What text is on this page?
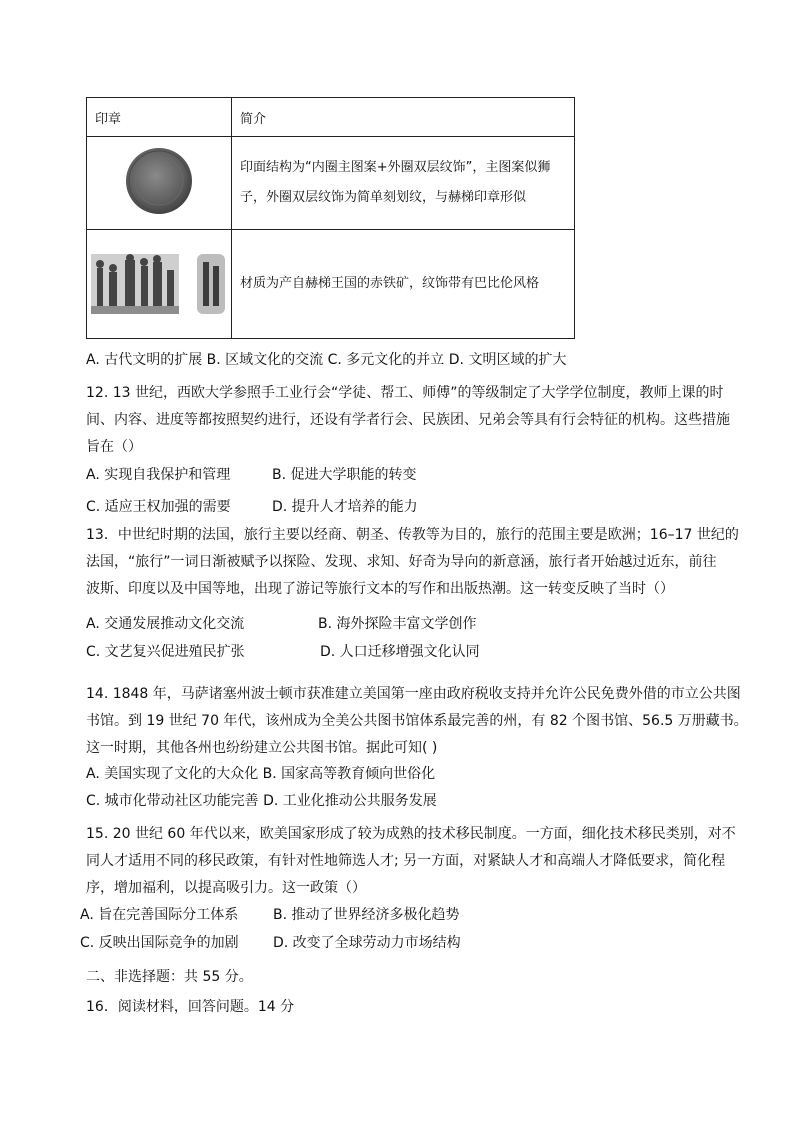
印章	简介

印面结构为“内圈主图案+外圈双层纹饰”，主图案似狮子，外圈双层纹饰为简单刻划纹，与赫梯印章形似

材质为产自赫梯王国的赤铁矿，纹饰带有巴比伦风格
A. 古代文明的扩展 B. 区域文化的交流 C. 多元文化的并立 D. 文明区域的扩大
12. 13 世纪，西欧大学参照手工业行会“学徒、帮工、师傅”的等级制定了大学学位制度，教师上课的时
间、内容、进度等都按照契约进行，还设有学者行会、民族团、兄弟会等具有行会特征的机构。这些措施
旨在（）
A. 实现自我保护和管理	B. 促进大学职能的转变
C. 适应王权加强的需要	D. 提升人才培养的能力
13．中世纪时期的法国，旅行主要以经商、朝圣、传教等为目的，旅行的范围主要是欧洲；16–17 世纪的
法国，“旅行”一词日渐被赋予以探险、发现、求知、好奇为导向的新意涵，旅行者开始越过近东，前往
波斯、印度以及中国等地，出现了游记等旅行文本的写作和出版热潮。这一转变反映了当时（）
A. 交通发展推动文化交流	B. 海外探险丰富文学创作
C. 文艺复兴促进殖民扩张	D. 人口迁移增强文化认同
14. 1848 年，马萨诸塞州波士顿市获准建立美国第一座由政府税收支持并允许公民免费外借的市立公共图
书馆。到 19 世纪 70 年代，该州成为全美公共图书馆体系最完善的州，有 82 个图书馆、56.5 万册藏书。
这一时期，其他各州也纷纷建立公共图书馆。据此可知( )
A. 美国实现了文化的大众化 B. 国家高等教育倾向世俗化
C. 城市化带动社区功能完善 D. 工业化推动公共服务发展
15. 20 世纪 60 年代以来，欧美国家形成了较为成熟的技术移民制度。一方面，细化技术移民类别，对不
同人才适用不同的移民政策，有针对性地筛选人才; 另一方面，对紧缺人才和高端人才降低要求，简化程
序，增加福利，以提高吸引力。这一政策（）
A. 旨在完善国际分工体系 B. 推动了世界经济多极化趋势
C. 反映出国际竞争的加剧 D. 改变了全球劳动力市场结构
二、非选择题：共 55 分。
16．阅读材料，回答问题。14 分
